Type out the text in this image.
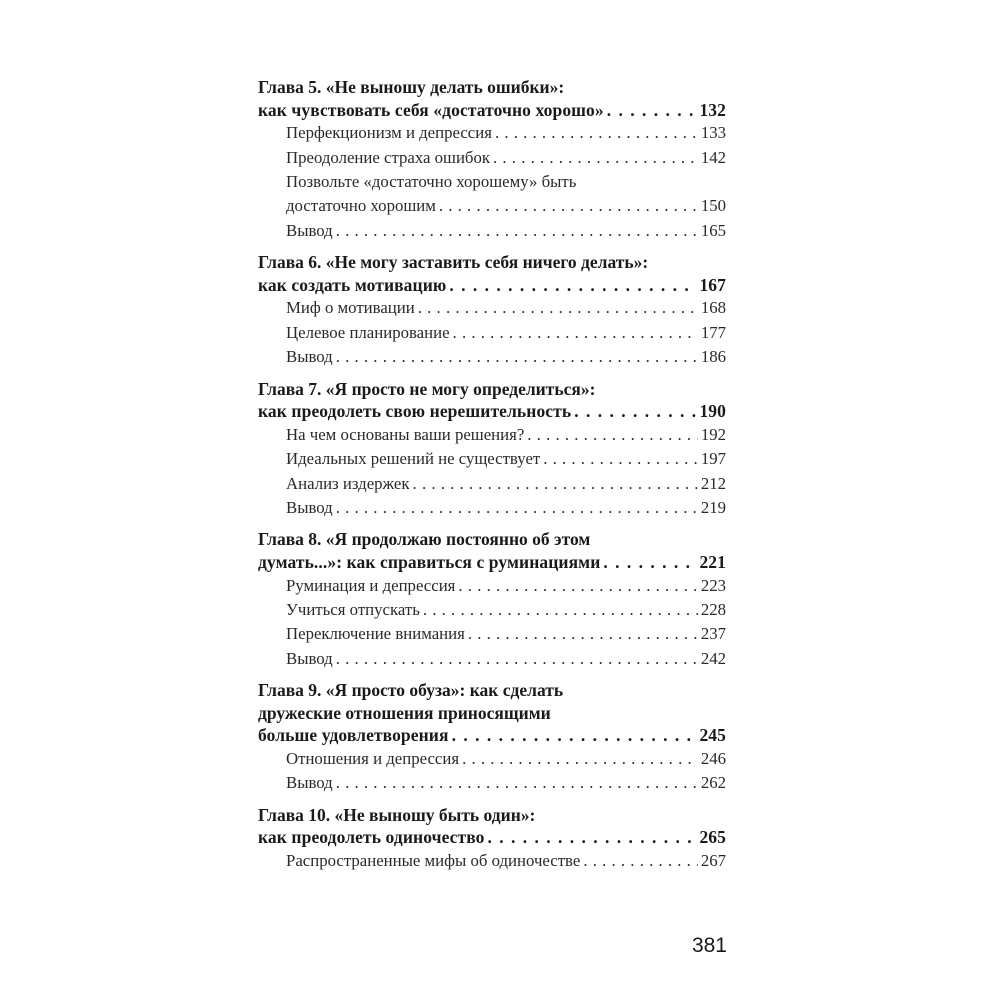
Глава 5. «Не выношу делать ошибки»:
как чувствовать себя «достаточно хорошо» . . .	132
Перфекционизм и депрессия . . .	133
Преодоление страха ошибок . . .	142
Позвольте «достаточно хорошему» быть
достаточно хорошим . . .	150
Вывод . . .	165
Глава 6. «Не могу заставить себя ничего делать»:
как создать мотивацию . . .	167
Миф о мотивации . . .	168
Целевое планирование . . .	177
Вывод . . .	186
Глава 7. «Я просто не могу определиться»:
как преодолеть свою нерешительность . . .	190
На чем основаны ваши решения? . . .	192
Идеальных решений не существует . . .	197
Анализ издержек . . .	212
Вывод . . .	219
Глава 8. «Я продолжаю постоянно об этом
думать...»: как справиться с руминациями . . .	221
Руминация и депрессия . . .	223
Учиться отпускать . . .	228
Переключение внимания . . .	237
Вывод . . .	242
Глава 9. «Я просто обуза»: как сделать
дружеские отношения приносящими
больше удовлетворения . . .	245
Отношения и депрессия . . .	246
Вывод . . .	262
Глава 10. «Не выношу быть один»:
как преодолеть одиночество . . .	265
Распространенные мифы об одиночестве . . .	267
381
